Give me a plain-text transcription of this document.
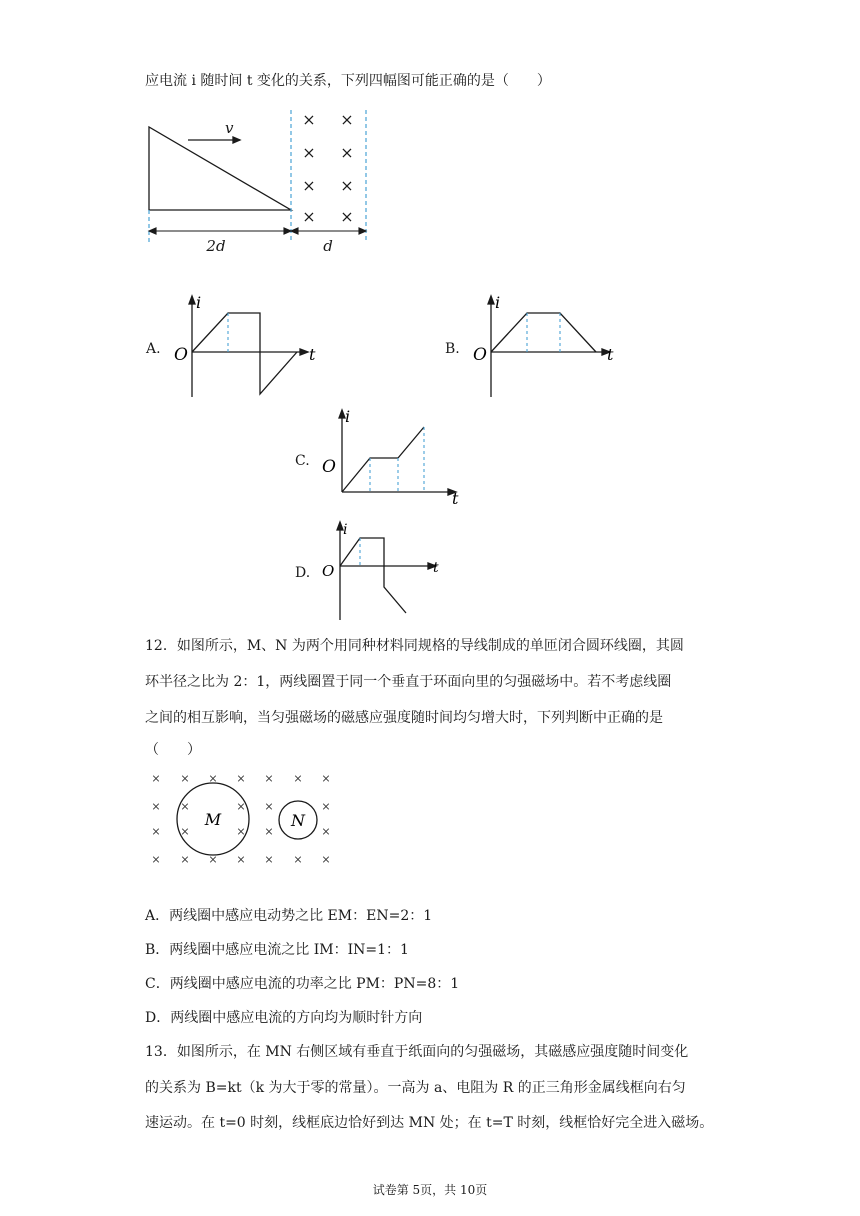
应电流 i 随时间 t 变化的关系，下列四幅图可能正确的是（　　）
v	× ×
× ×
× ×
× ×
2d	d
A.
i
O	t	B.
i
O	t
C.
i
O
t
D.
i
O	t
12．如图所示，M、N 为两个用同种材料同规格的导线制成的单匝闭合圆环线圈，其圆
环半径之比为 2：1，两线圈置于同一个垂直于环面向里的匀强磁场中。若不考虑线圈
之间的相互影响，当匀强磁场的磁感应强度随时间均匀增大时，下列判断中正确的是
（　　）
× × × × × × ×
× ×	× ×	×
× ×	× ×	×
× × × × × × ×
M	N
A．两线圈中感应电动势之比 EM：EN=2：1
B．两线圈中感应电流之比 IM：IN=1：1
C．两线圈中感应电流的功率之比 PM：PN=8：1
D．两线圈中感应电流的方向均为顺时针方向
13．如图所示，在 MN 右侧区域有垂直于纸面向的匀强磁场，其磁感应强度随时间变化
的关系为 B=kt（k 为大于零的常量）。一高为 a、电阻为 R 的正三角形金属线框向右匀
速运动。在 t=0 时刻，线框底边恰好到达 MN 处；在 t=T 时刻，线框恰好完全进入磁场。
试卷第 5页，共 10页
